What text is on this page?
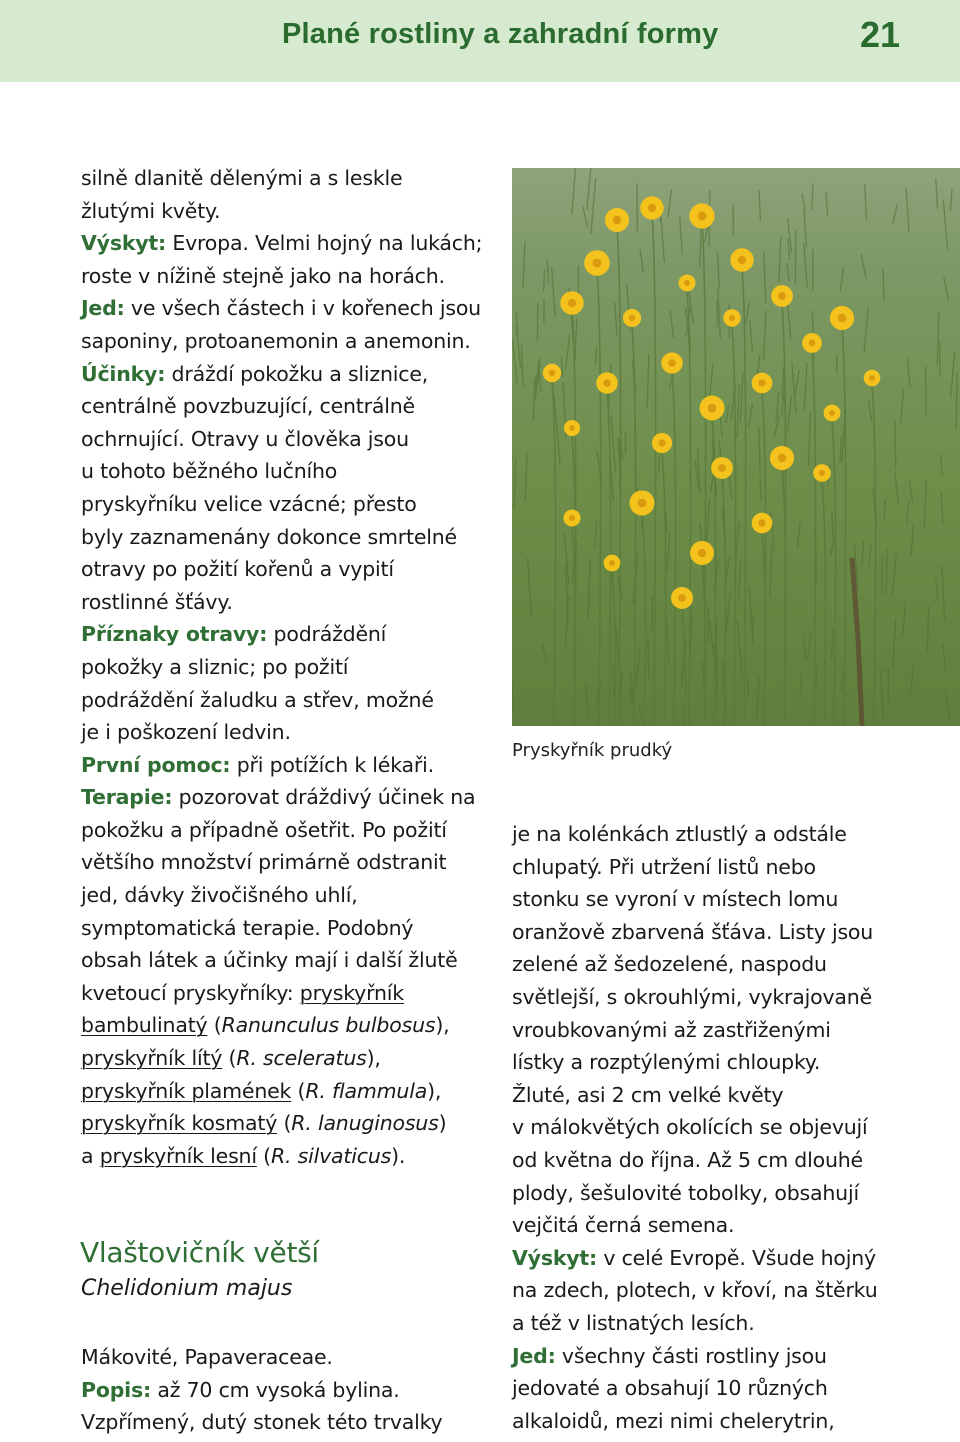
Plané rostliny a zahradní formy	21
silně dlanitě dělenými a s leskle
žlutými květy.
Výskyt: Evropa. Velmi hojný na lukách;
roste v nížině stejně jako na horách.
Jed: ve všech částech i v kořenech jsou
saponiny, protoanemonin a anemonin.
Účinky: dráždí pokožku a sliznice,
centrálně povzbuzující, centrálně
ochrnující. Otravy u člověka jsou
u tohoto běžného lučního
pryskyřníku velice vzácné; přesto
byly zaznamenány dokonce smrtelné
otravy po požití kořenů a vypití
rostlinné šťávy.
Příznaky otravy: podráždění
pokožky a sliznic; po požití
podráždění žaludku a střev, možné
je i poškození ledvin.
První pomoc: při potížích k lékaři.
Terapie: pozorovat dráždivý účinek na
pokožku a případně ošetřit. Po požití
většího množství primárně odstranit
jed, dávky živočišného uhlí,
symptomatická terapie. Podobný
obsah látek a účinky mají i další žlutě
kvetoucí pryskyřníky: pryskyřník
bambulinatý (Ranunculus bulbosus),
pryskyřník lítý (R. sceleratus),
pryskyřník plamének (R. flammula),
pryskyřník kosmatý (R. lanuginosus)
a pryskyřník lesní (R. silvaticus).
Vlaštovičník větší
Chelidonium majus
Mákovité, Papaveraceae.
Popis: až 70 cm vysoká bylina.
Vzpřímený, dutý stonek této trvalky
Pryskyřník prudký
je na kolénkách ztlustlý a odstále
chlupatý. Při utržení listů nebo
stonku se vyroní v místech lomu
oranžově zbarvená šťáva. Listy jsou
zelené až šedozelené, naspodu
světlejší, s okrouhlými, vykrajovaně
vroubkovanými až zastřiženými
lístky a rozptýlenými chloupky.
Žluté, asi 2 cm velké květy
v málokvětých okolících se objevují
od května do října. Až 5 cm dlouhé
plody, šešulovité tobolky, obsahují
vejčitá černá semena.
Výskyt: v celé Evropě. Všude hojný
na zdech, plotech, v křoví, na štěrku
a též v listnatých lesích.
Jed: všechny části rostliny jsou
jedovaté a obsahují 10 různých
alkaloidů, mezi nimi chelerytrin,
